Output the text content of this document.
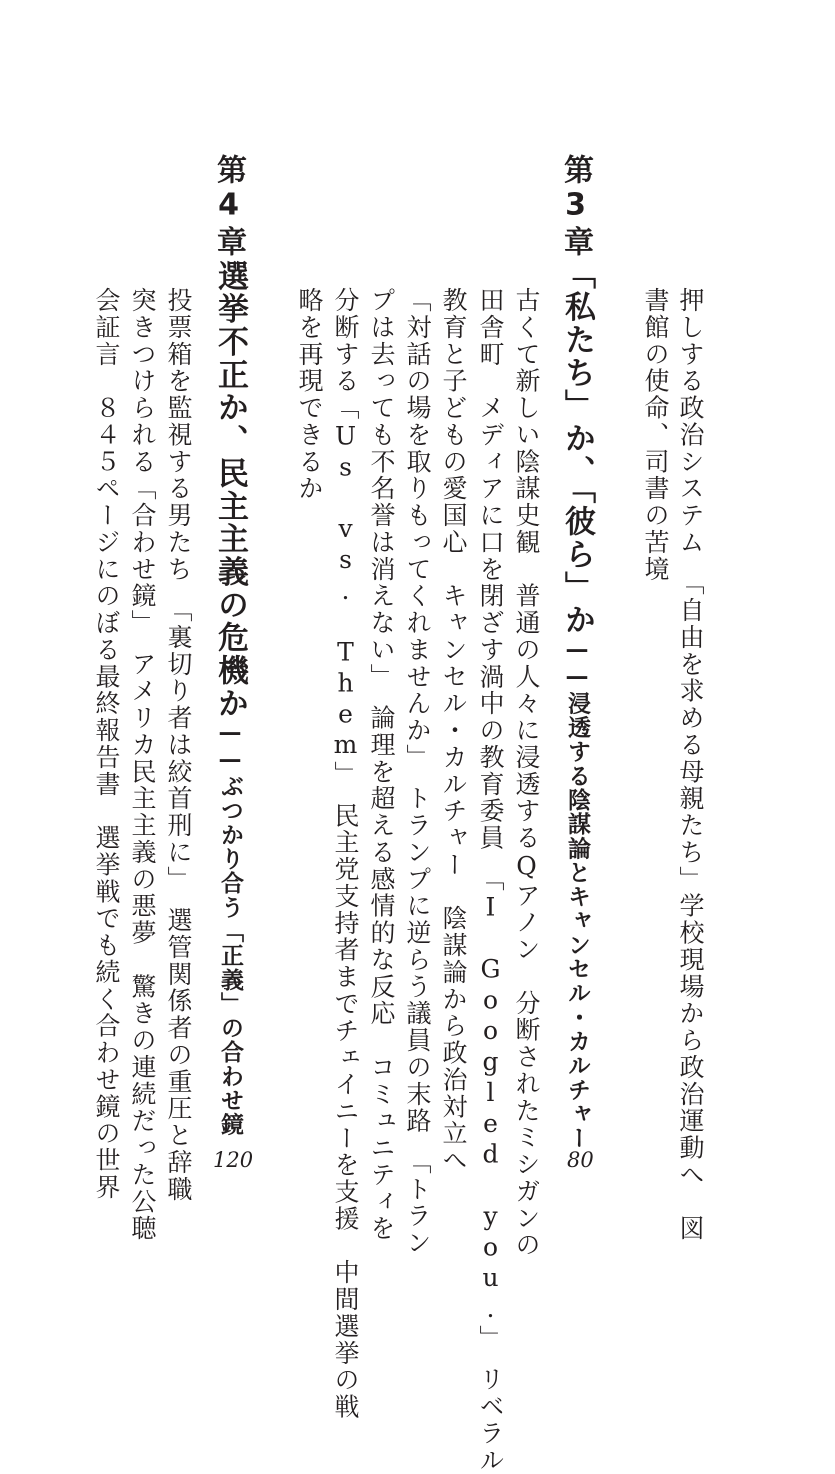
押しする政治システム　「自由を求める母親たち」学校現場から政治運動へ　図
書館の使命、司書の苦境
第3章
「私たち」か、「彼ら」か——浸透する陰謀論とキャンセル・カルチャー
80
古くて新しい陰謀史観　普通の人々に浸透するQアノン　分断されたミシガンの
田舎町　メディアに口を閉ざす渦中の教育委員　「I Googled you.」　リベラル
教育と子どもの愛国心　キャンセル・カルチャー　陰謀論から政治対立へ
「対話の場を取りもってくれませんか」　トランプに逆らう議員の末路　「トラン
プは去っても不名誉は消えない」　論理を超える感情的な反応　コミュニティを
分断する「Us vs. Them」　民主党支持者までチェイニーを支援　中間選挙の戦
略を再現できるか
第4章
選挙不正か、民主主義の危機か——ぶつかり合う「正義」の合わせ鏡
120
投票箱を監視する男たち　「裏切り者は絞首刑に」　選管関係者の重圧と辞職
突きつけられる「合わせ鏡」　アメリカ民主主義の悪夢　驚きの連続だった公聴
会証言　８４５ページにのぼる最終報告書　選挙戦でも続く合わせ鏡の世界
